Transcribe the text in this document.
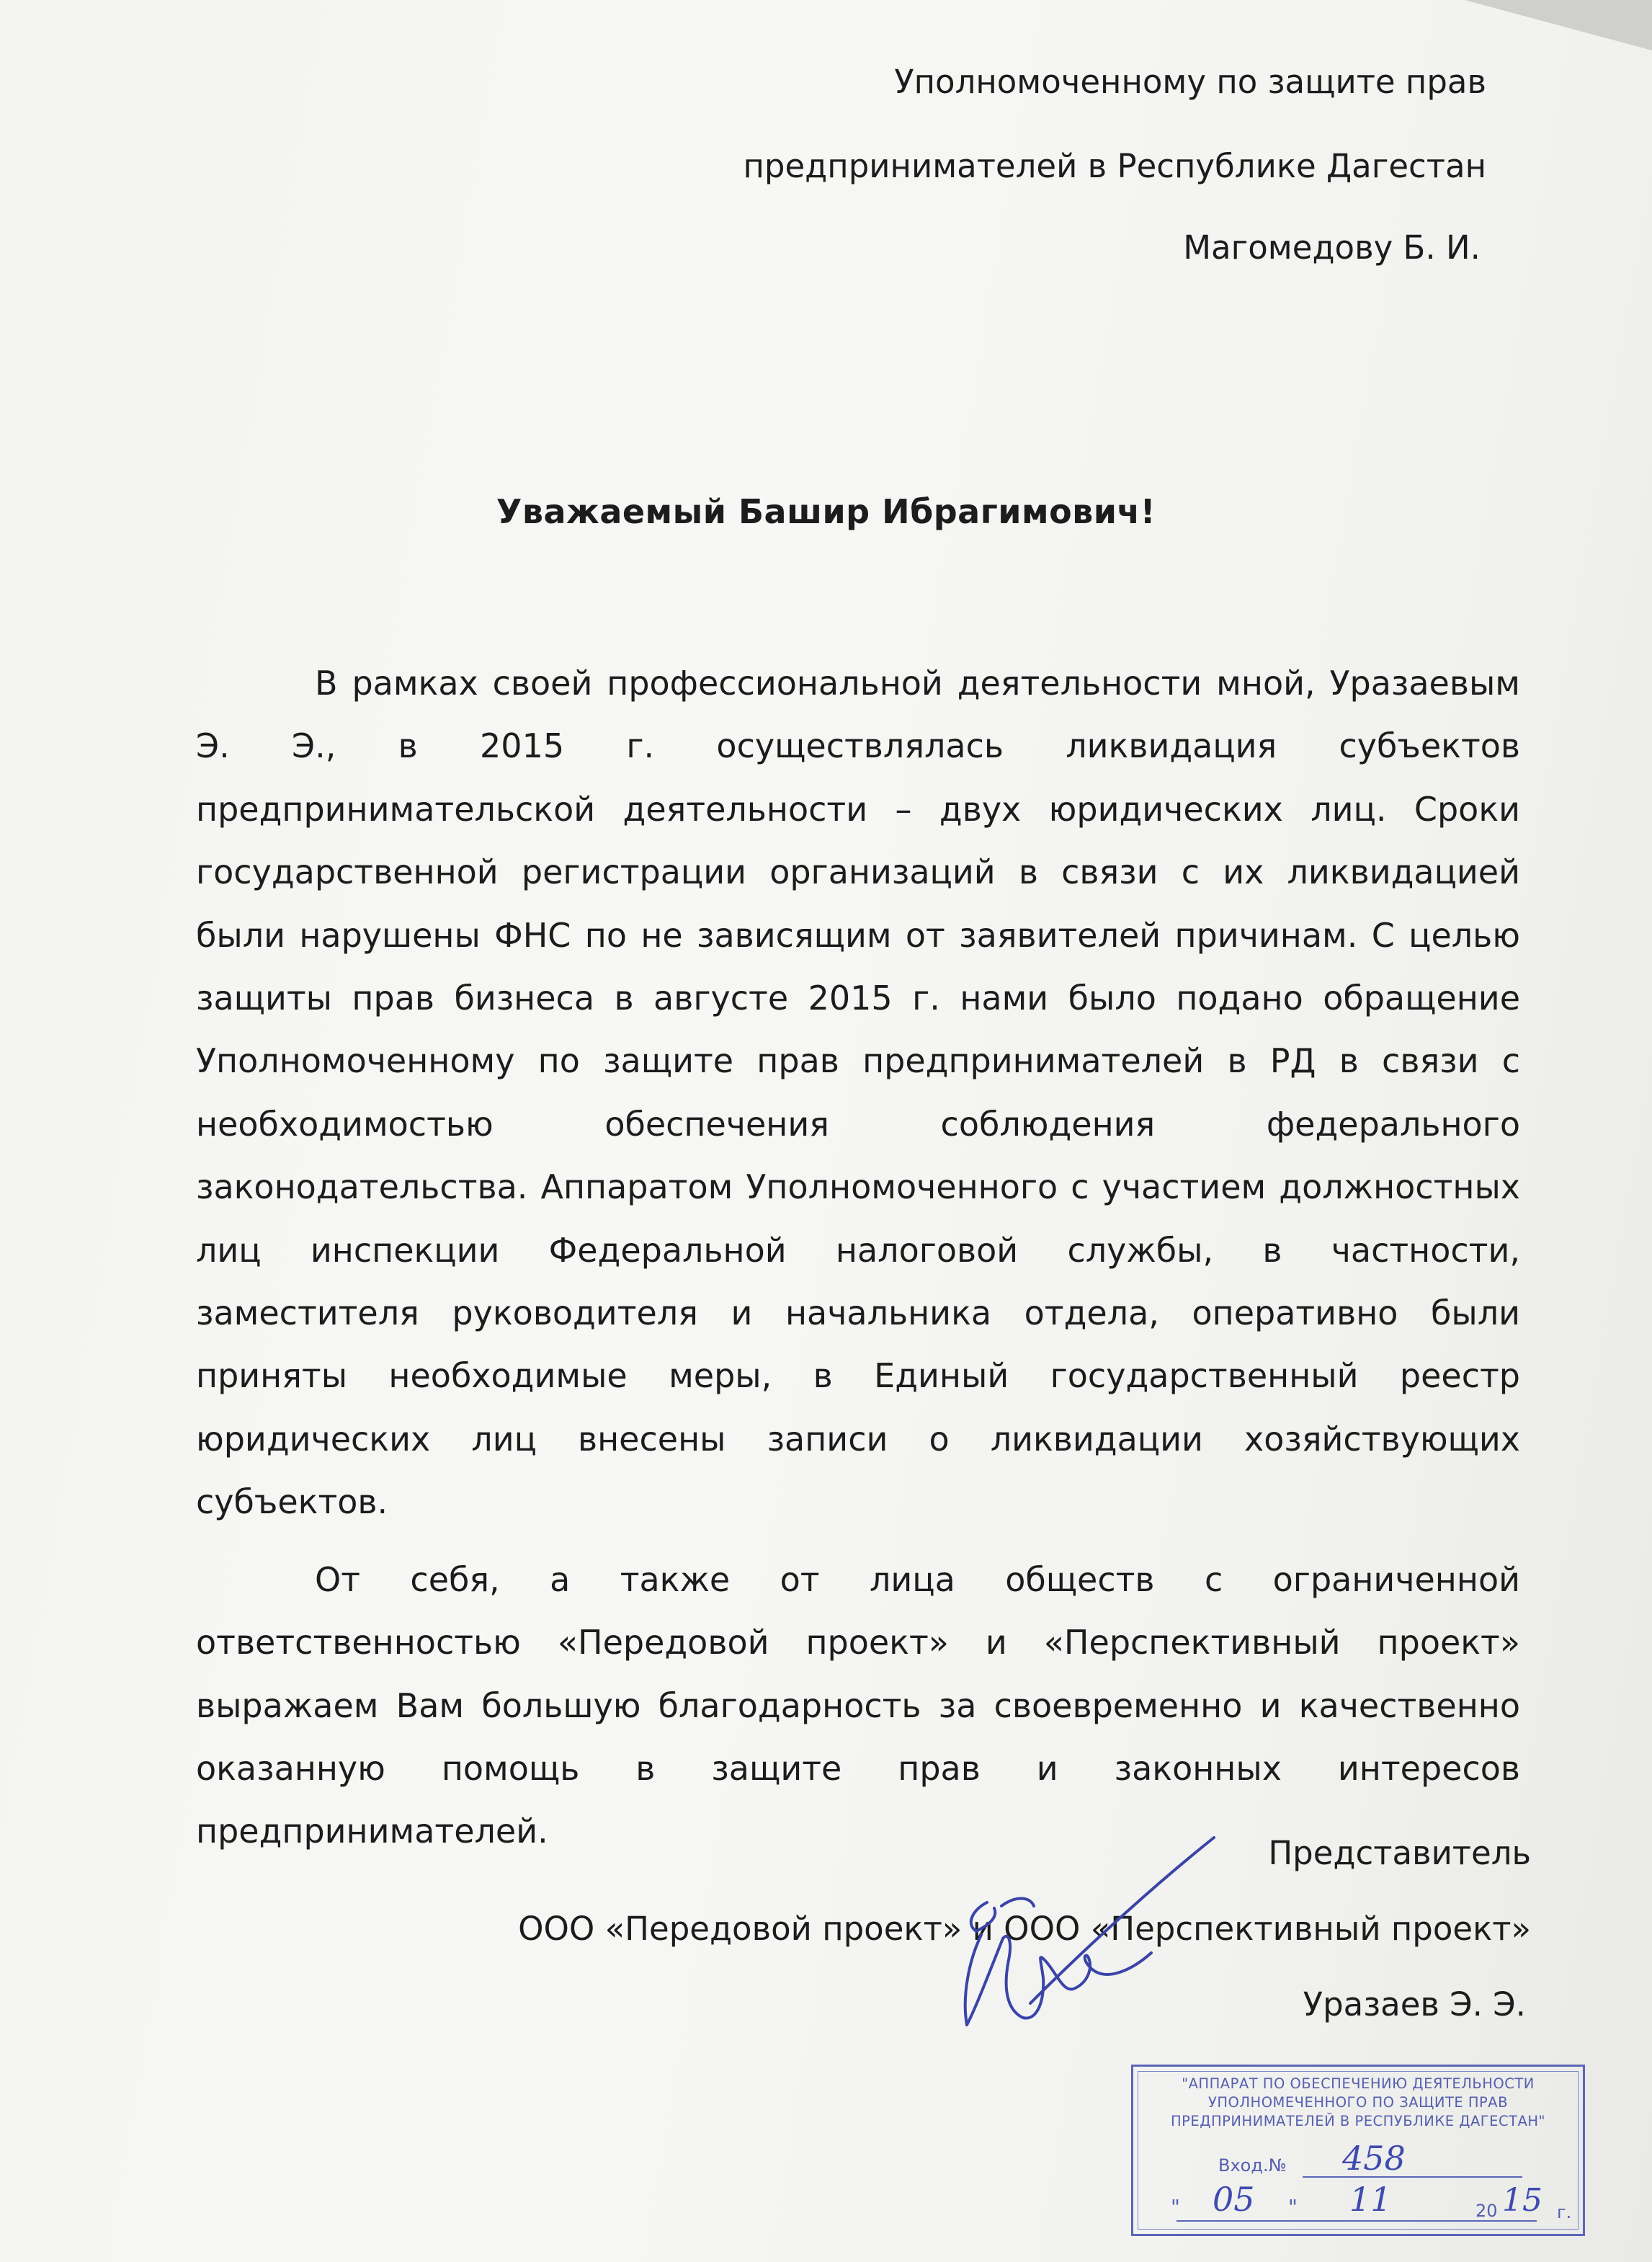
Уполномоченному по защите прав
предпринимателей в Республике Дагестан
Магомедову Б. И.
Уважаемый Башир Ибрагимович!

В рамках своей профессиональной деятельности мной, Уразаевым Э. Э., в 2015 г. осуществлялась ликвидация субъектов предпринимательской деятельности – двух юридических лиц. Сроки государственной регистрации организаций в связи с их ликвидацией были нарушены ФНС по не зависящим от заявителей причинам. С целью защиты прав бизнеса в августе 2015 г. нами было подано обращение Уполномоченному по защите прав предпринимателей в РД в связи с необходимостью обеспечения соблюдения федерального законодательства. Аппаратом Уполномоченного с участием должностных лиц инспекции Федеральной налоговой службы, в частности, заместителя руководителя и начальника отдела, оперативно были приняты необходимые меры, в Единый государственный реестр юридических лиц внесены записи о ликвидации хозяйствующих субъектов.

От себя, а также от лица обществ с ограниченной ответственностью «Передовой проект» и «Перспективный проект» выражаем Вам большую благодарность за своевременно и качественно оказанную помощь в защите прав и законных интересов предпринимателей.

Представитель
ООО «Передовой проект» и ООО «Перспективный проект»
Уразаев Э. Э.
"АППАРАТ ПО ОБЕСПЕЧЕНИЮ ДЕЯТЕЛЬНОСТИ
УПОЛНОМЕЧЕННОГО ПО ЗАЩИТЕ ПРАВ
ПРЕДПРИНИМАТЕЛЕЙ В РЕСПУБЛИКЕ ДАГЕСТАН"
Вход.№ 458
" 05 " 11	20 15 г.
